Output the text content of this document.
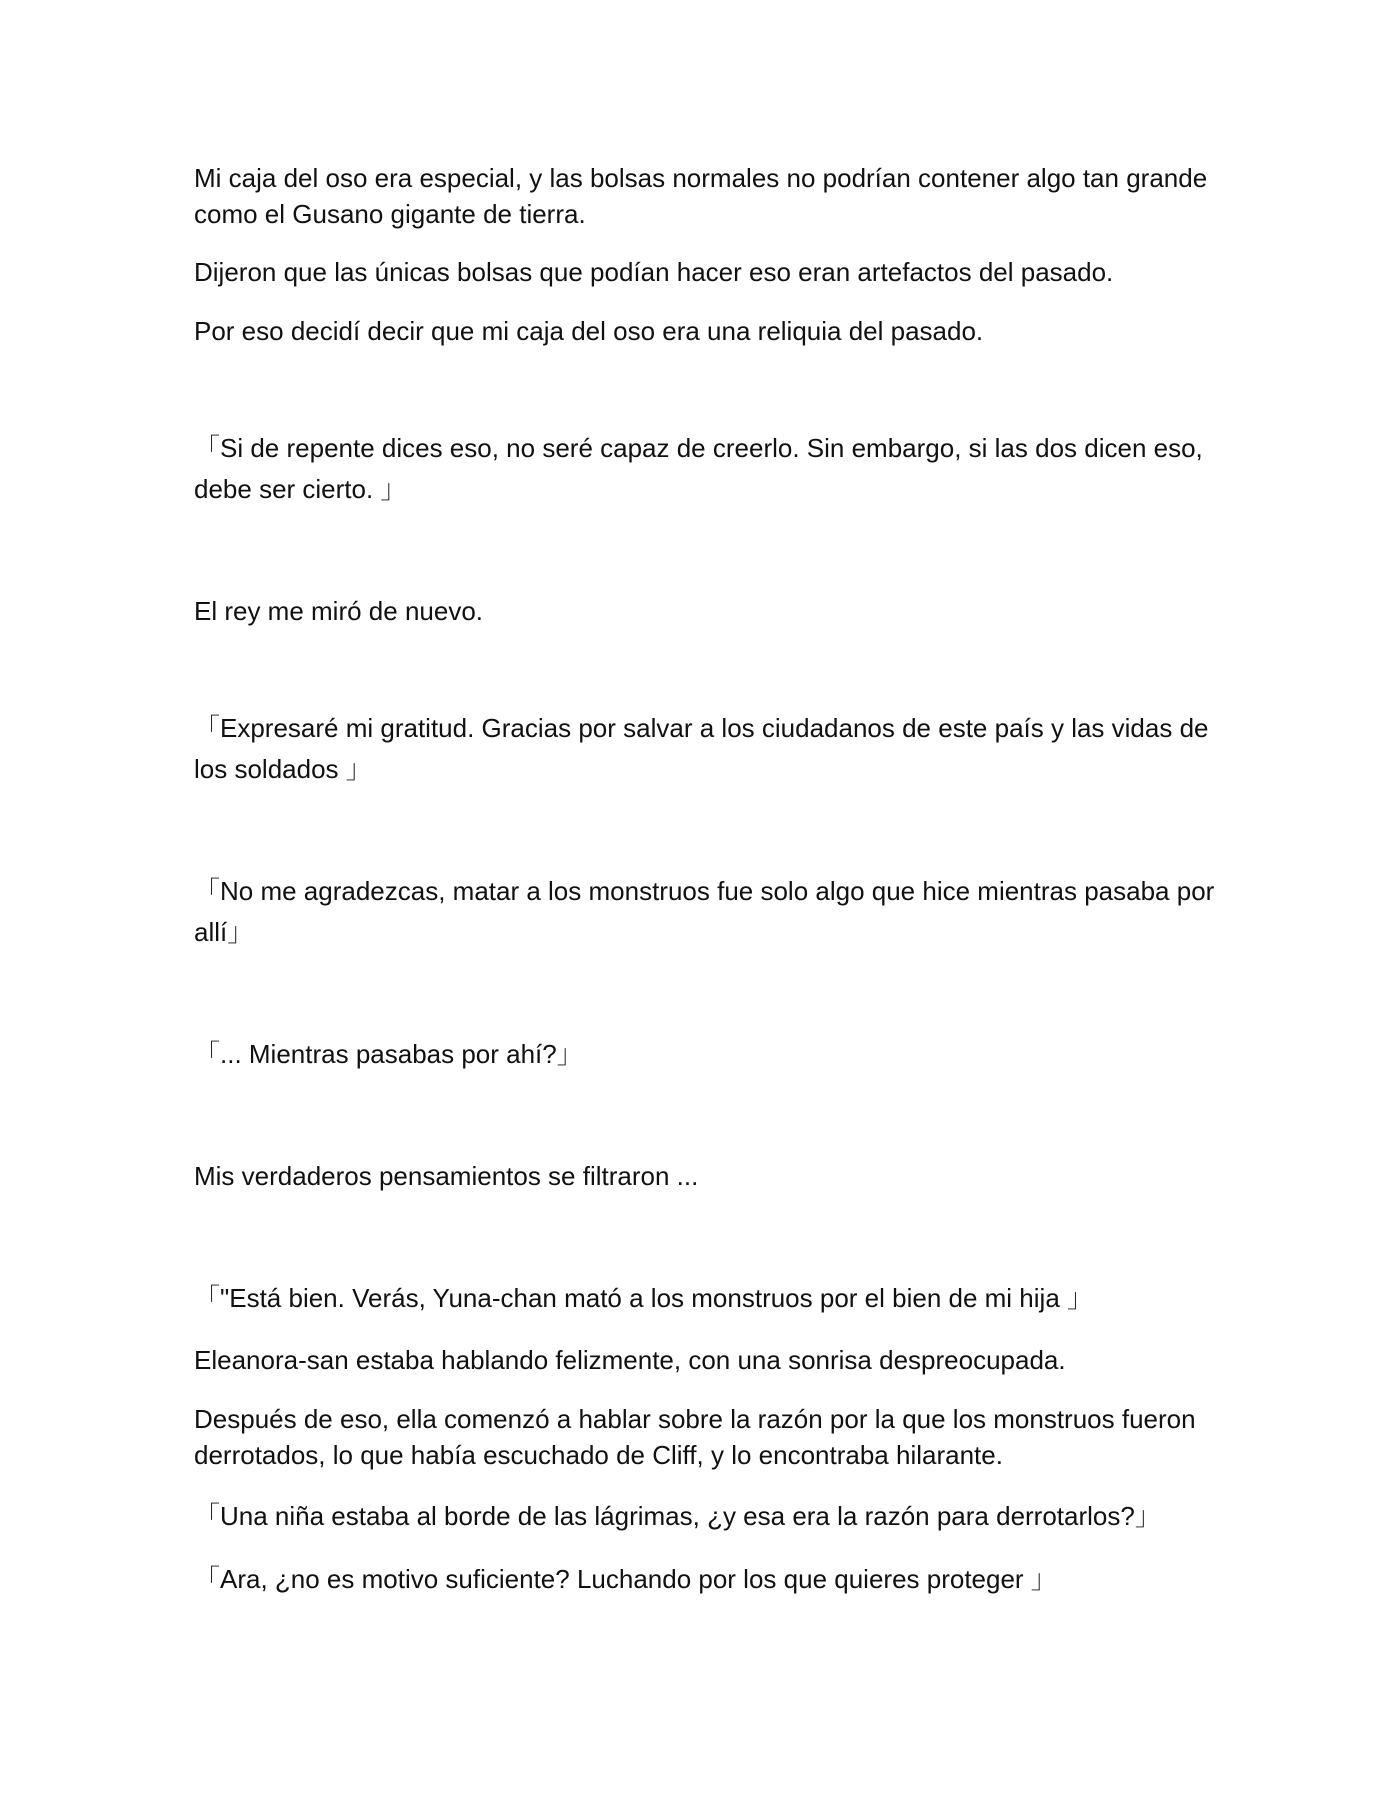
Mi caja del oso era especial, y las bolsas normales no podrían contener algo tan grande como el Gusano gigante de tierra.

Dijeron que las únicas bolsas que podían hacer eso eran artefactos del pasado.

Por eso decidí decir que mi caja del oso era una reliquia del pasado.

「Si de repente dices eso, no seré capaz de creerlo. Sin embargo, si las dos dicen eso, debe ser cierto. 」

El rey me miró de nuevo.

「Expresaré mi gratitud. Gracias por salvar a los ciudadanos de este país y las vidas de los soldados 」

「No me agradezcas, matar a los monstruos fue solo algo que hice mientras pasaba por allí」

「... Mientras pasabas por ahí?」

Mis verdaderos pensamientos se filtraron ...

「"Está bien. Verás, Yuna-chan mató a los monstruos por el bien de mi hija 」

Eleanora-san estaba hablando felizmente, con una sonrisa despreocupada.

Después de eso, ella comenzó a hablar sobre la razón por la que los monstruos fueron derrotados, lo que había escuchado de Cliff, y lo encontraba hilarante.

「Una niña estaba al borde de las lágrimas, ¿y esa era la razón para derrotarlos?」

「Ara, ¿no es motivo suficiente? Luchando por los que quieres proteger 」
